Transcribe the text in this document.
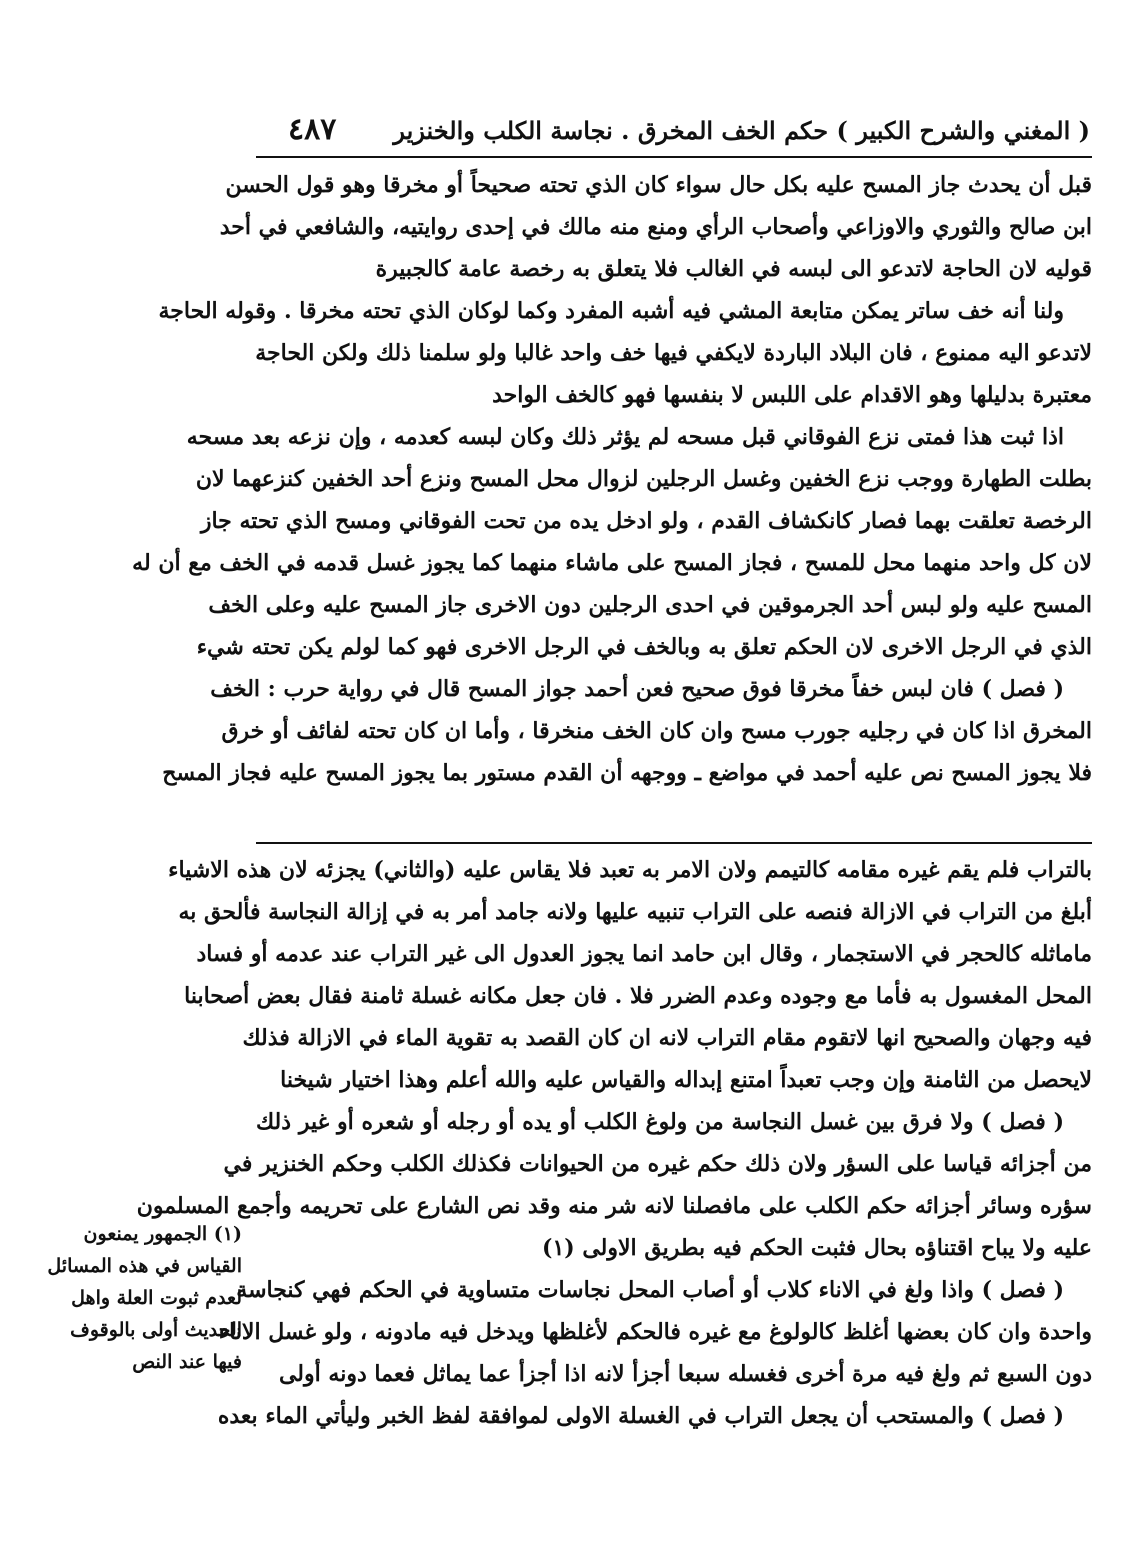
( المغني والشرح الكبير ) حكم الخف المخرق . نجاسة الكلب والخنزير
٤٨٧
قبل أن يحدث جاز المسح عليه بكل حال سواء كان الذي تحته صحيحاً أو مخرقا وهو قول الحسن
ابن صالح والثوري والاوزاعي وأصحاب الرأي ومنع منه مالك في إحدى روايتيه، والشافعي في أحد
قوليه لان الحاجة لاتدعو الى لبسه في الغالب فلا يتعلق به رخصة عامة كالجبيرة
ولنا أنه خف ساتر يمكن متابعة المشي فيه أشبه المفرد وكما لوكان الذي تحته مخرقا . وقوله الحاجة
لاتدعو اليه ممنوع ، فان البلاد الباردة لايكفي فيها خف واحد غالبا ولو سلمنا ذلك ولكن الحاجة
معتبرة بدليلها وهو الاقدام على اللبس لا بنفسها فهو كالخف الواحد
اذا ثبت هذا فمتى نزع الفوقاني قبل مسحه لم يؤثر ذلك وكان لبسه كعدمه ، وإن نزعه بعد مسحه
بطلت الطهارة ووجب نزع الخفين وغسل الرجلين لزوال محل المسح ونزع أحد الخفين كنزعهما لان
الرخصة تعلقت بهما فصار كانكشاف القدم ، ولو ادخل يده من تحت الفوقاني ومسح الذي تحته جاز
لان كل واحد منهما محل للمسح ، فجاز المسح على ماشاء منهما كما يجوز غسل قدمه في الخف مع أن له
المسح عليه ولو لبس أحد الجرموقين في احدى الرجلين دون الاخرى جاز المسح عليه وعلى الخف
الذي في الرجل الاخرى لان الحكم تعلق به وبالخف في الرجل الاخرى فهو كما لولم يكن تحته شيء
( فصل ) فان لبس خفاً مخرقا فوق صحيح فعن أحمد جواز المسح قال في رواية حرب : الخف
المخرق اذا كان في رجليه جورب مسح وان كان الخف منخرقا ، وأما ان كان تحته لفائف أو خرق
فلا يجوز المسح نص عليه أحمد في مواضع ـ ووجهه أن القدم مستور بما يجوز المسح عليه فجاز المسح
بالتراب فلم يقم غيره مقامه كالتيمم ولان الامر به تعبد فلا يقاس عليه (والثاني) يجزئه لان هذه الاشياء
أبلغ من التراب في الازالة فنصه على التراب تنبيه عليها ولانه جامد أمر به في إزالة النجاسة فألحق به
ماماثله كالحجر في الاستجمار ، وقال ابن حامد انما يجوز العدول الى غير التراب عند عدمه أو فساد
المحل المغسول به فأما مع وجوده وعدم الضرر فلا . فان جعل مكانه غسلة ثامنة فقال بعض أصحابنا
فيه وجهان والصحيح انها لاتقوم مقام التراب لانه ان كان القصد به تقوية الماء في الازالة فذلك
لايحصل من الثامنة وإن وجب تعبداً امتنع إبداله والقياس عليه والله أعلم وهذا اختيار شيخنا
( فصل ) ولا فرق بين غسل النجاسة من ولوغ الكلب أو يده أو رجله أو شعره أو غير ذلك
من أجزائه قياسا على السؤر ولان ذلك حكم غيره من الحيوانات فكذلك الكلب وحكم الخنزير في
سؤره وسائر أجزائه حكم الكلب على مافصلنا لانه شر منه وقد نص الشارع على تحريمه وأجمع المسلمون
عليه ولا يباح اقتناؤه بحال فثبت الحكم فيه بطريق الاولى (١)
( فصل ) واذا ولغ في الاناء كلاب أو أصاب المحل نجاسات متساوية في الحكم فهي كنجاسة
واحدة وان كان بعضها أغلظ كالولوغ مع غيره فالحكم لأغلظها ويدخل فيه مادونه ، ولو غسل الاناء
دون السبع ثم ولغ فيه مرة أخرى فغسله سبعا أجزأ لانه اذا أجزأ عما يماثل فعما دونه أولى
( فصل ) والمستحب أن يجعل التراب في الغسلة الاولى لموافقة لفظ الخبر وليأتي الماء بعده
(١) الجمهور يمنعون
القياس في هذه المسائل
لعدم ثبوت العلة واهل
الحديث أولى بالوقوف
فيها عند النص
